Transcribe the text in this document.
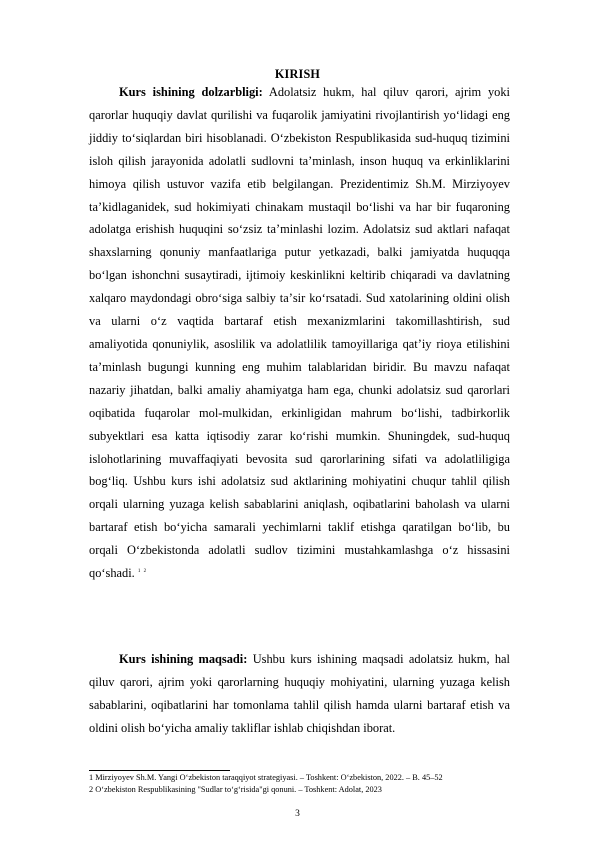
KIRISH

Kurs ishining dolzarbligi: Adolatsiz hukm, hal qiluv qarori, ajrim yoki qarorlar huquqiy davlat qurilishi va fuqarolik jamiyatini rivojlantirish yoʻlidagi eng jiddiy toʻsiqlardan biri hisoblanadi. Oʻzbekiston Respublikasida sud-huquq tizimini isloh qilish jarayonida adolatli sudlovni taʼminlash, inson huquq va erkinliklarini himoya qilish ustuvor vazifa etib belgilangan. Prezidentimiz Sh.M. Mirziyoyev taʼkidlaganidek, sud hokimiyati chinakam mustaqil boʻlishi va har bir fuqaroning adolatga erishish huquqini soʻzsiz taʼminlashi lozim. Adolatsiz sud aktlari nafaqat shaxslarning qonuniy manfaatlariga putur yetkazadi, balki jamiyatda huquqqa boʻlgan ishonchni susaytiradi, ijtimoiy keskinlikni keltirib chiqaradi va davlatning xalqaro maydondagi obroʻsiga salbiy taʼsir koʻrsatadi. Sud xatolarining oldini olish va ularni oʻz vaqtida bartaraf etish mexanizmlarini takomillashtirish, sud amaliyotida qonuniylik, asoslilik va adolatlilik tamoyillariga qatʼiy rioya etilishini taʼminlash bugungi kunning eng muhim talablaridan biridir. Bu mavzu nafaqat nazariy jihatdan, balki amaliy ahamiyatga ham ega, chunki adolatsiz sud qarorlari oqibatida fuqarolar mol-mulkidan, erkinligidan mahrum boʻlishi, tadbirkorlik subyektlari esa katta iqtisodiy zarar koʻrishi mumkin. Shuningdek, sud-huquq islohotlarining muvaffaqiyati bevosita sud qarorlarining sifati va adolatliligiga bogʻliq. Ushbu kurs ishi adolatsiz sud aktlarining mohiyatini chuqur tahlil qilish orqali ularning yuzaga kelish sabablarini aniqlash, oqibatlarini baholash va ularni bartaraf etish boʻyicha samarali yechimlarni taklif etishga qaratilgan boʻlib, bu orqali Oʻzbekistonda adolatli sudlov tizimini mustahkamlashga oʻz hissasini qoʻshadi. $^{1 2}$

Kurs ishining maqsadi: Ushbu kurs ishining maqsadi adolatsiz hukm, hal qiluv qarori, ajrim yoki qarorlarning huquqiy mohiyatini, ularning yuzaga kelish sabablarini, oqibatlarini har tomonlama tahlil qilish hamda ularni bartaraf etish va oldini olish boʻyicha amaliy takliflar ishlab chiqishdan iborat.

1 Mirziyoyev Sh.M. Yangi Oʻzbekiston taraqqiyot strategiyasi. – Toshkent: Oʻzbekiston, 2022. – B. 45–52
2 Oʻzbekiston Respublikasining "Sudlar toʻgʻrisida"gi qonuni. – Toshkent: Adolat, 2023
3
